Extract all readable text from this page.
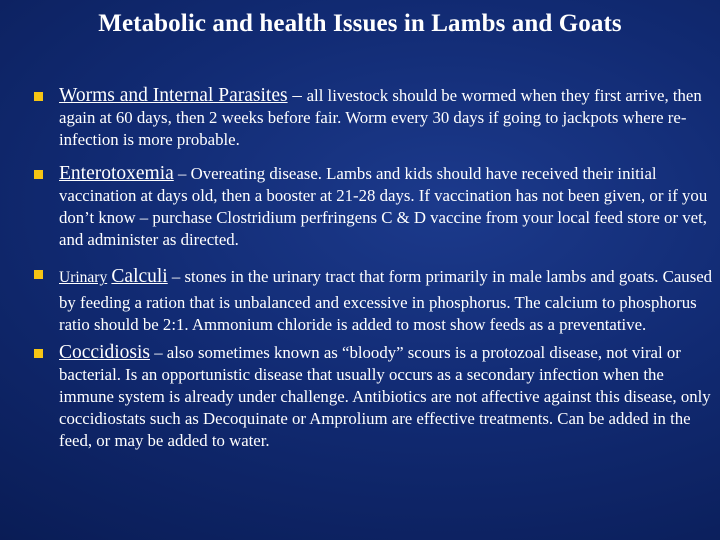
Metabolic and health Issues in Lambs and Goats
Worms and Internal Parasites – all livestock should be wormed when they first arrive, then again at 60 days, then 2 weeks before fair. Worm every 30 days if going to jackpots where re-infection is more probable.
Enterotoxemia – Overeating disease. Lambs and kids should have received their initial vaccination at days old, then a booster at 21-28 days. If vaccination has not been given, or if you don’t know – purchase Clostridium perfringens C & D vaccine from your local feed store or vet, and administer as directed.
Urinary Calculi – stones in the urinary tract that form primarily in male lambs and goats. Caused by feeding a ration that is unbalanced and excessive in phosphorus. The calcium to phosphorus ratio should be 2:1. Ammonium chloride is added to most show feeds as a preventative.
Coccidiosis – also sometimes known as “bloody” scours is a protozoal disease, not viral or bacterial. Is an opportunistic disease that usually occurs as a secondary infection when the immune system is already under challenge. Antibiotics are not affective against this disease, only coccidiostats such as Decoquinate or Amprolium are effective treatments. Can be added in the feed, or may be added to water.
